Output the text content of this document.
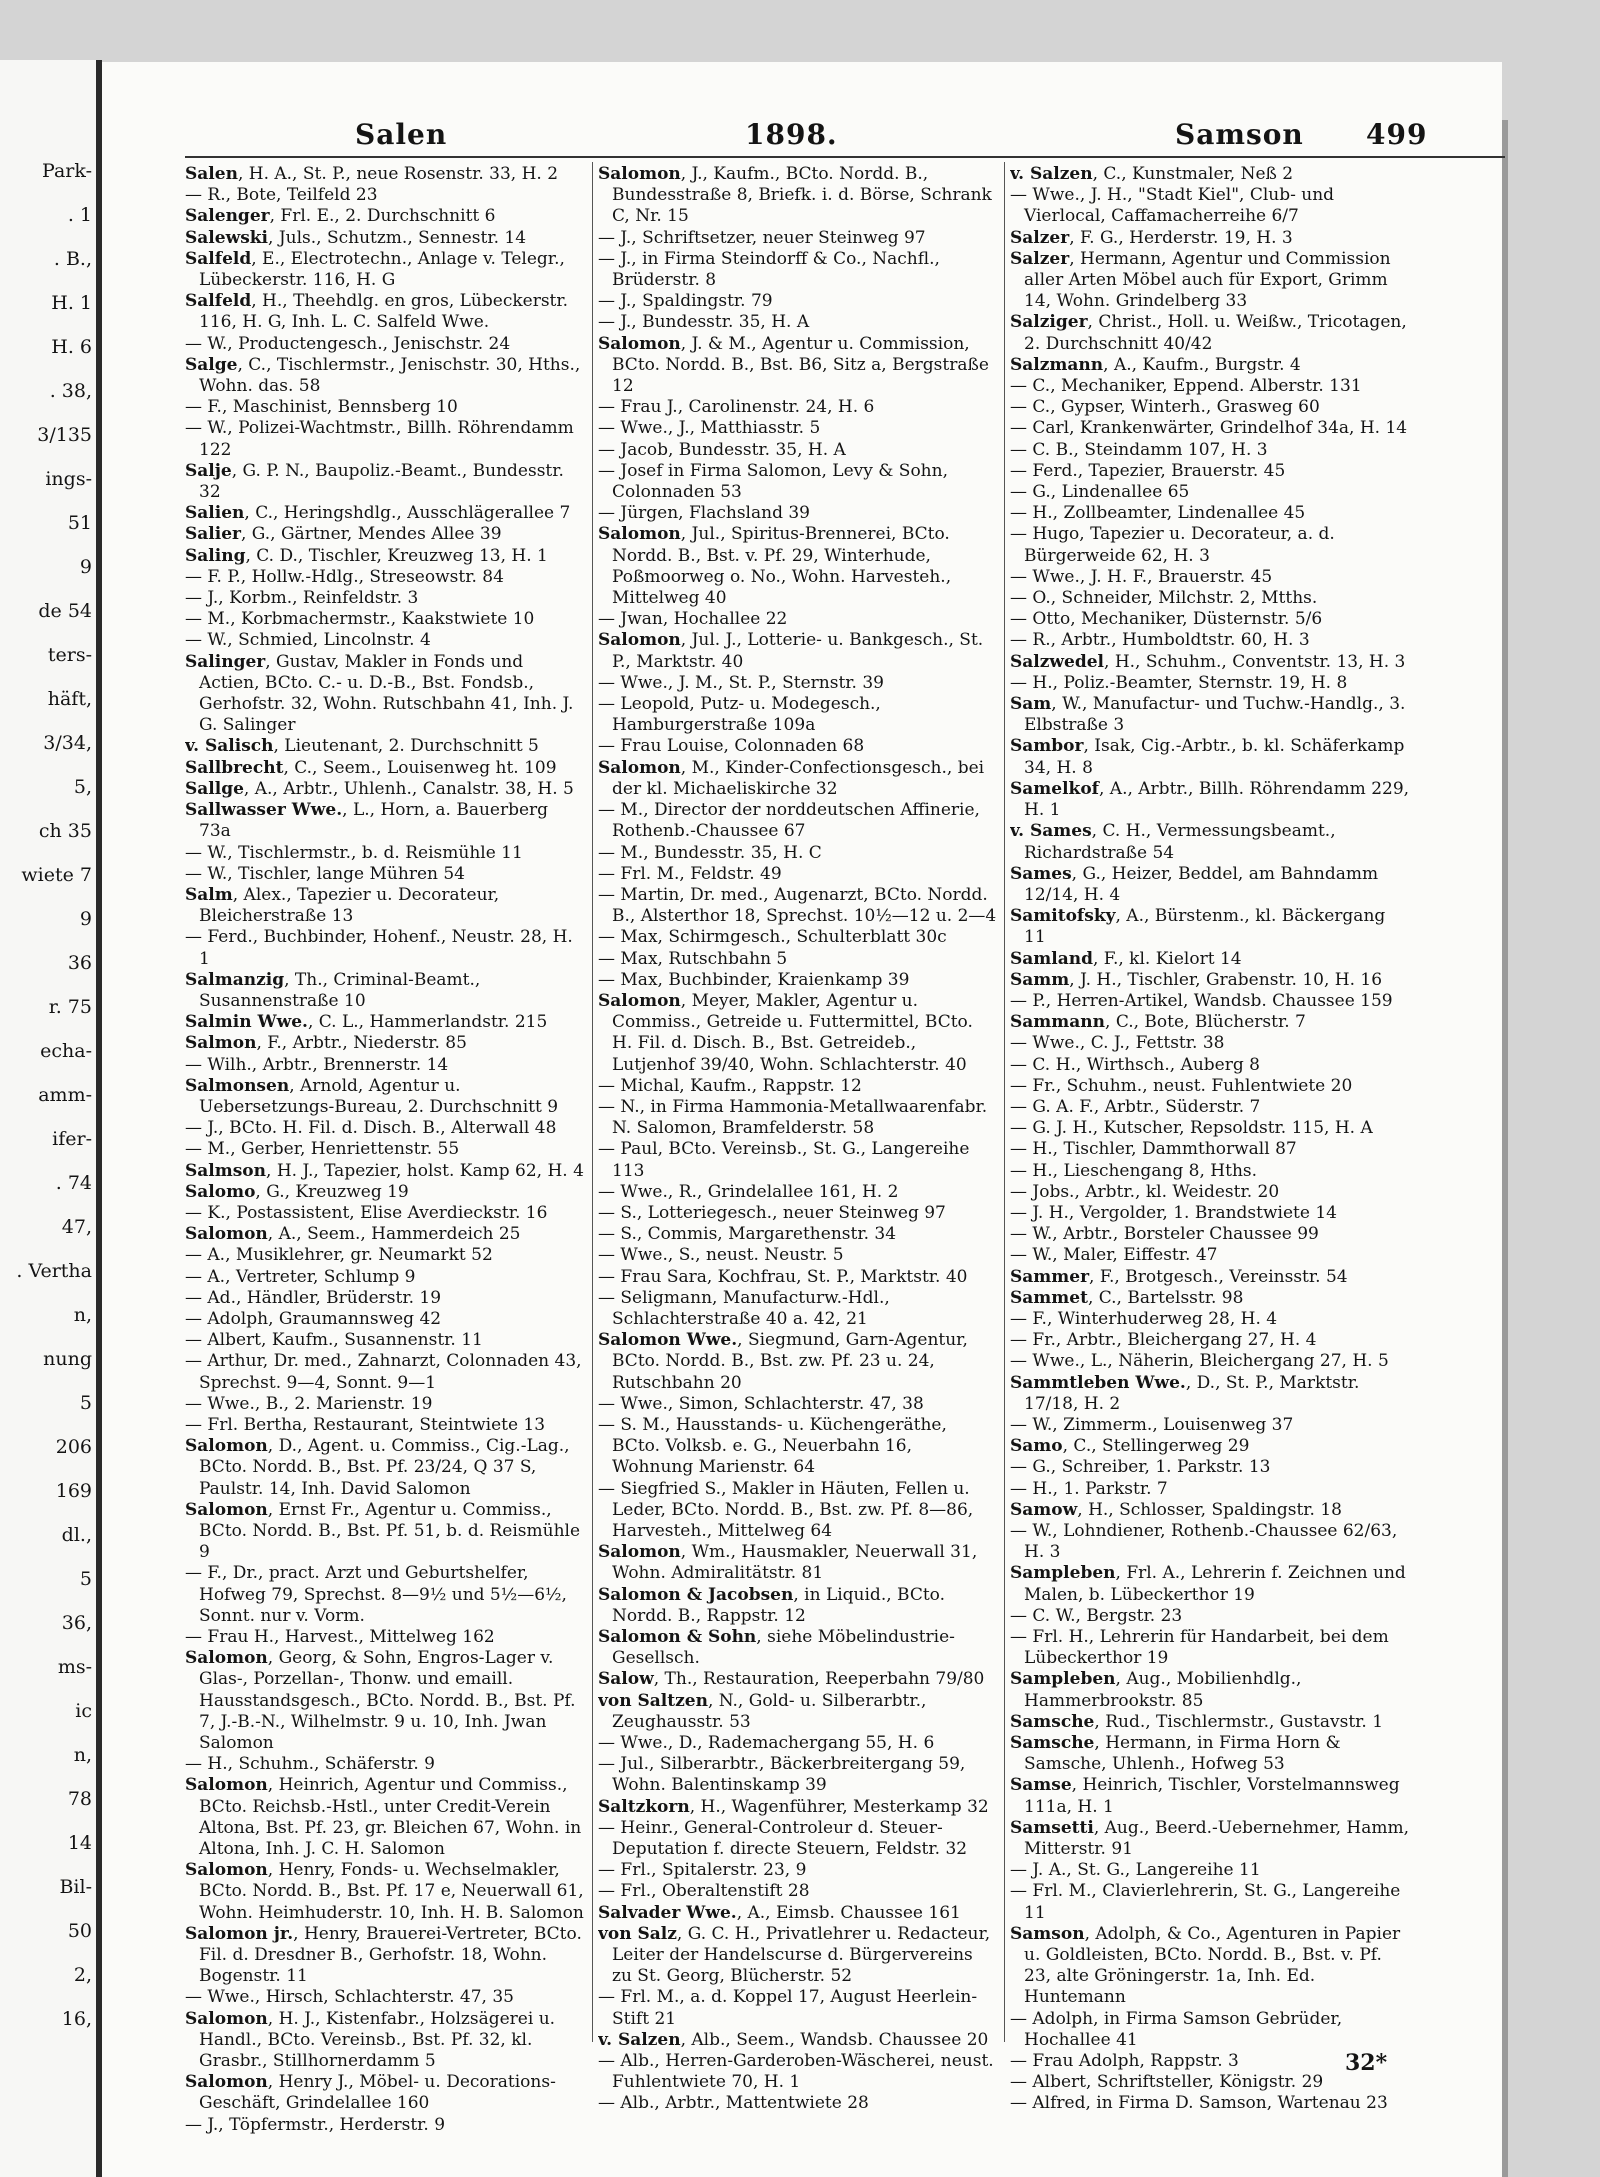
Park-
. 1
. B.,
H. 1
H. 6
. 38,
3/135
ings-
51
9
de 54
ters-
häft,
3/34,
5,
ch 35
wiete 7
9
36
r. 75
echa-
amm-
ifer-
. 74
47,
. Vertha
n,
nung
5
206
169
dl.,
5
36,
ms-
ic
n,
78
14
Bil-
50
2,
16,
Salen	1898.	Samson 499
Salen, H. A., St. P., neue Rosenstr. 33, H. 2
— R., Bote, Teilfeld 23
Salenger, Frl. E., 2. Durchschnitt 6
Salewski, Juls., Schutzm., Sennestr. 14
Salfeld, E., Electrotechn., Anlage v. Telegr., Lübeckerstr. 116, H. G
Salfeld, H., Theehdlg. en gros, Lübeckerstr. 116, H. G, Inh. L. C. Salfeld Wwe.
— W., Productengesch., Jenischstr. 24
Salge, C., Tischlermstr., Jenischstr. 30, Hths., Wohn. das. 58
— F., Maschinist, Bennsberg 10
— W., Polizei-Wachtmstr., Billh. Röhrendamm 122
Salje, G. P. N., Baupoliz.-Beamt., Bundesstr. 32
Salien, C., Heringshdlg., Ausschlägerallee 7
Salier, G., Gärtner, Mendes Allee 39
Saling, C. D., Tischler, Kreuzweg 13, H. 1
— F. P., Hollw.-Hdlg., Streseowstr. 84
— J., Korbm., Reinfeldstr. 3
— M., Korbmachermstr., Kaakstwiete 10
— W., Schmied, Lincolnstr. 4
Salinger, Gustav, Makler in Fonds und Actien, BCto. C.- u. D.-B., Bst. Fondsb., Gerhofstr. 32, Wohn. Rutschbahn 41, Inh. J. G. Salinger
v. Salisch, Lieutenant, 2. Durchschnitt 5
Sallbrecht, C., Seem., Louisenweg ht. 109
Sallge, A., Arbtr., Uhlenh., Canalstr. 38, H. 5
Sallwasser Wwe., L., Horn, a. Bauerberg 73a
— W., Tischlermstr., b. d. Reismühle 11
— W., Tischler, lange Mühren 54
Salm, Alex., Tapezier u. Decorateur, Bleicherstraße 13
— Ferd., Buchbinder, Hohenf., Neustr. 28, H. 1
Salmanzig, Th., Criminal-Beamt., Susannenstraße 10
Salmin Wwe., C. L., Hammerlandstr. 215
Salmon, F., Arbtr., Niederstr. 85
— Wilh., Arbtr., Brennerstr. 14
Salmonsen, Arnold, Agentur u. Uebersetzungs-Bureau, 2. Durchschnitt 9
— J., BCto. H. Fil. d. Disch. B., Alterwall 48
— M., Gerber, Henriettenstr. 55
Salmson, H. J., Tapezier, holst. Kamp 62, H. 4
Salomo, G., Kreuzweg 19
— K., Postassistent, Elise Averdieckstr. 16
Salomon, A., Seem., Hammerdeich 25
— A., Musiklehrer, gr. Neumarkt 52
— A., Vertreter, Schlump 9
— Ad., Händler, Brüderstr. 19
— Adolph, Graumannsweg 42
— Albert, Kaufm., Susannenstr. 11
— Arthur, Dr. med., Zahnarzt, Colonnaden 43, Sprechst. 9—4, Sonnt. 9—1
— Wwe., B., 2. Marienstr. 19
— Frl. Bertha, Restaurant, Steintwiete 13
Salomon, D., Agent. u. Commiss., Cig.-Lag., BCto. Nordd. B., Bst. Pf. 23/24, Q 37 S, Paulstr. 14, Inh. David Salomon
Salomon, Ernst Fr., Agentur u. Commiss., BCto. Nordd. B., Bst. Pf. 51, b. d. Reismühle 9
— F., Dr., pract. Arzt und Geburtshelfer, Hofweg 79, Sprechst. 8—9½ und 5½—6½, Sonnt. nur v. Vorm.
— Frau H., Harvest., Mittelweg 162
Salomon, Georg, & Sohn, Engros-Lager v. Glas-, Porzellan-, Thonw. und emaill. Hausstandsgesch., BCto. Nordd. B., Bst. Pf. 7, J.-B.-N., Wilhelmstr. 9 u. 10, Inh. Jwan Salomon
— H., Schuhm., Schäferstr. 9
Salomon, Heinrich, Agentur und Commiss., BCto. Reichsb.-Hstl., unter Credit-Verein Altona, Bst. Pf. 23, gr. Bleichen 67, Wohn. in Altona, Inh. J. C. H. Salomon
Salomon, Henry, Fonds- u. Wechselmakler, BCto. Nordd. B., Bst. Pf. 17 e, Neuerwall 61, Wohn. Heimhuderstr. 10, Inh. H. B. Salomon
Salomon jr., Henry, Brauerei-Vertreter, BCto. Fil. d. Dresdner B., Gerhofstr. 18, Wohn. Bogenstr. 11
— Wwe., Hirsch, Schlachterstr. 47, 35
Salomon, H. J., Kistenfabr., Holzsägerei u. Handl., BCto. Vereinsb., Bst. Pf. 32, kl. Grasbr., Stillhornerdamm 5
Salomon, Henry J., Möbel- u. Decorations-Geschäft, Grindelallee 160
— J., Töpfermstr., Herderstr. 9
Salomon, J., Kaufm., BCto. Nordd. B., Bundesstraße 8, Briefk. i. d. Börse, Schrank C, Nr. 15
— J., Schriftsetzer, neuer Steinweg 97
— J., in Firma Steindorff & Co., Nachfl., Brüderstr. 8
— J., Spaldingstr. 79
— J., Bundesstr. 35, H. A
Salomon, J. & M., Agentur u. Commission, BCto. Nordd. B., Bst. B6, Sitz a, Bergstraße 12
— Frau J., Carolinenstr. 24, H. 6
— Wwe., J., Matthiasstr. 5
— Jacob, Bundesstr. 35, H. A
— Josef in Firma Salomon, Levy & Sohn, Colonnaden 53
— Jürgen, Flachsland 39
Salomon, Jul., Spiritus-Brennerei, BCto. Nordd. B., Bst. v. Pf. 29, Winterhude, Poßmoorweg o. No., Wohn. Harvesteh., Mittelweg 40
— Jwan, Hochallee 22
Salomon, Jul. J., Lotterie- u. Bankgesch., St. P., Marktstr. 40
— Wwe., J. M., St. P., Sternstr. 39
— Leopold, Putz- u. Modegesch., Hamburgerstraße 109a
— Frau Louise, Colonnaden 68
Salomon, M., Kinder-Confectionsgesch., bei der kl. Michaeliskirche 32
— M., Director der norddeutschen Affinerie, Rothenb.-Chaussee 67
— M., Bundesstr. 35, H. C
— Frl. M., Feldstr. 49
— Martin, Dr. med., Augenarzt, BCto. Nordd. B., Alsterthor 18, Sprechst. 10½—12 u. 2—4
— Max, Schirmgesch., Schulterblatt 30c
— Max, Rutschbahn 5
— Max, Buchbinder, Kraienkamp 39
Salomon, Meyer, Makler, Agentur u. Commiss., Getreide u. Futtermittel, BCto. H. Fil. d. Disch. B., Bst. Getreideb., Lutjenhof 39/40, Wohn. Schlachterstr. 40
— Michal, Kaufm., Rappstr. 12
— N., in Firma Hammonia-Metallwaarenfabr. N. Salomon, Bramfelderstr. 58
— Paul, BCto. Vereinsb., St. G., Langereihe 113
— Wwe., R., Grindelallee 161, H. 2
— S., Lotteriegesch., neuer Steinweg 97
— S., Commis, Margarethenstr. 34
— Wwe., S., neust. Neustr. 5
— Frau Sara, Kochfrau, St. P., Marktstr. 40
— Seligmann, Manufacturw.-Hdl., Schlachterstraße 40 a. 42, 21
Salomon Wwe., Siegmund, Garn-Agentur, BCto. Nordd. B., Bst. zw. Pf. 23 u. 24, Rutschbahn 20
— Wwe., Simon, Schlachterstr. 47, 38
— S. M., Hausstands- u. Küchengeräthe, BCto. Volksb. e. G., Neuerbahn 16, Wohnung Marienstr. 64
— Siegfried S., Makler in Häuten, Fellen u. Leder, BCto. Nordd. B., Bst. zw. Pf. 8—86, Harvesteh., Mittelweg 64
Salomon, Wm., Hausmakler, Neuerwall 31, Wohn. Admiralitätstr. 81
Salomon & Jacobsen, in Liquid., BCto. Nordd. B., Rappstr. 12
Salomon & Sohn, siehe Möbelindustrie-Gesellsch.
Salow, Th., Restauration, Reeperbahn 79/80
von Saltzen, N., Gold- u. Silberarbtr., Zeughausstr. 53
— Wwe., D., Rademachergang 55, H. 6
— Jul., Silberarbtr., Bäckerbreitergang 59, Wohn. Balentinskamp 39
Saltzkorn, H., Wagenführer, Mesterkamp 32
— Heinr., General-Controleur d. Steuer-Deputation f. directe Steuern, Feldstr. 32
— Frl., Spitalerstr. 23, 9
— Frl., Oberaltenstift 28
Salvader Wwe., A., Eimsb. Chaussee 161
von Salz, G. C. H., Privatlehrer u. Redacteur, Leiter der Handelscurse d. Bürgervereins zu St. Georg, Blücherstr. 52
— Frl. M., a. d. Koppel 17, August Heerlein-Stift 21
v. Salzen, Alb., Seem., Wandsb. Chaussee 20
— Alb., Herren-Garderoben-Wäscherei, neust. Fuhlentwiete 70, H. 1
— Alb., Arbtr., Mattentwiete 28
v. Salzen, C., Kunstmaler, Neß 2
— Wwe., J. H., "Stadt Kiel", Club- und Vierlocal, Caffamacherreihe 6/7
Salzer, F. G., Herderstr. 19, H. 3
Salzer, Hermann, Agentur und Commission aller Arten Möbel auch für Export, Grimm 14, Wohn. Grindelberg 33
Salziger, Christ., Holl. u. Weißw., Tricotagen, 2. Durchschnitt 40/42
Salzmann, A., Kaufm., Burgstr. 4
— C., Mechaniker, Eppend. Alberstr. 131
— C., Gypser, Winterh., Grasweg 60
— Carl, Krankenwärter, Grindelhof 34a, H. 14
— C. B., Steindamm 107, H. 3
— Ferd., Tapezier, Brauerstr. 45
— G., Lindenallee 65
— H., Zollbeamter, Lindenallee 45
— Hugo, Tapezier u. Decorateur, a. d. Bürgerweide 62, H. 3
— Wwe., J. H. F., Brauerstr. 45
— O., Schneider, Milchstr. 2, Mtths.
— Otto, Mechaniker, Düsternstr. 5/6
— R., Arbtr., Humboldtstr. 60, H. 3
Salzwedel, H., Schuhm., Conventstr. 13, H. 3
— H., Poliz.-Beamter, Sternstr. 19, H. 8
Sam, W., Manufactur- und Tuchw.-Handlg., 3. Elbstraße 3
Sambor, Isak, Cig.-Arbtr., b. kl. Schäferkamp 34, H. 8
Samelkof, A., Arbtr., Billh. Röhrendamm 229, H. 1
v. Sames, C. H., Vermessungsbeamt., Richardstraße 54
Sames, G., Heizer, Beddel, am Bahndamm 12/14, H. 4
Samitofsky, A., Bürstenm., kl. Bäckergang 11
Samland, F., kl. Kielort 14
Samm, J. H., Tischler, Grabenstr. 10, H. 16
— P., Herren-Artikel, Wandsb. Chaussee 159
Sammann, C., Bote, Blücherstr. 7
— Wwe., C. J., Fettstr. 38
— C. H., Wirthsch., Auberg 8
— Fr., Schuhm., neust. Fuhlentwiete 20
— G. A. F., Arbtr., Süderstr. 7
— G. J. H., Kutscher, Repsoldstr. 115, H. A
— H., Tischler, Dammthorwall 87
— H., Lieschengang 8, Hths.
— Jobs., Arbtr., kl. Weidestr. 20
— J. H., Vergolder, 1. Brandstwiete 14
— W., Arbtr., Borsteler Chaussee 99
— W., Maler, Eiffestr. 47
Sammer, F., Brotgesch., Vereinsstr. 54
Sammet, C., Bartelsstr. 98
— F., Winterhuderweg 28, H. 4
— Fr., Arbtr., Bleichergang 27, H. 4
— Wwe., L., Näherin, Bleichergang 27, H. 5
Sammtleben Wwe., D., St. P., Marktstr. 17/18, H. 2
— W., Zimmerm., Louisenweg 37
Samo, C., Stellingerweg 29
— G., Schreiber, 1. Parkstr. 13
— H., 1. Parkstr. 7
Samow, H., Schlosser, Spaldingstr. 18
— W., Lohndiener, Rothenb.-Chaussee 62/63, H. 3
Sampleben, Frl. A., Lehrerin f. Zeichnen und Malen, b. Lübeckerthor 19
— C. W., Bergstr. 23
— Frl. H., Lehrerin für Handarbeit, bei dem Lübeckerthor 19
Sampleben, Aug., Mobilienhdlg., Hammerbrookstr. 85
Samsche, Rud., Tischlermstr., Gustavstr. 1
Samsche, Hermann, in Firma Horn & Samsche, Uhlenh., Hofweg 53
Samse, Heinrich, Tischler, Vorstelmannsweg 111a, H. 1
Samsetti, Aug., Beerd.-Uebernehmer, Hamm, Mitterstr. 91
— J. A., St. G., Langereihe 11
— Frl. M., Clavierlehrerin, St. G., Langereihe 11
Samson, Adolph, & Co., Agenturen in Papier u. Goldleisten, BCto. Nordd. B., Bst. v. Pf. 23, alte Gröningerstr. 1a, Inh. Ed. Huntemann
— Adolph, in Firma Samson Gebrüder, Hochallee 41
— Frau Adolph, Rappstr. 3
— Albert, Schriftsteller, Königstr. 29
— Alfred, in Firma D. Samson, Wartenau 23
32*
